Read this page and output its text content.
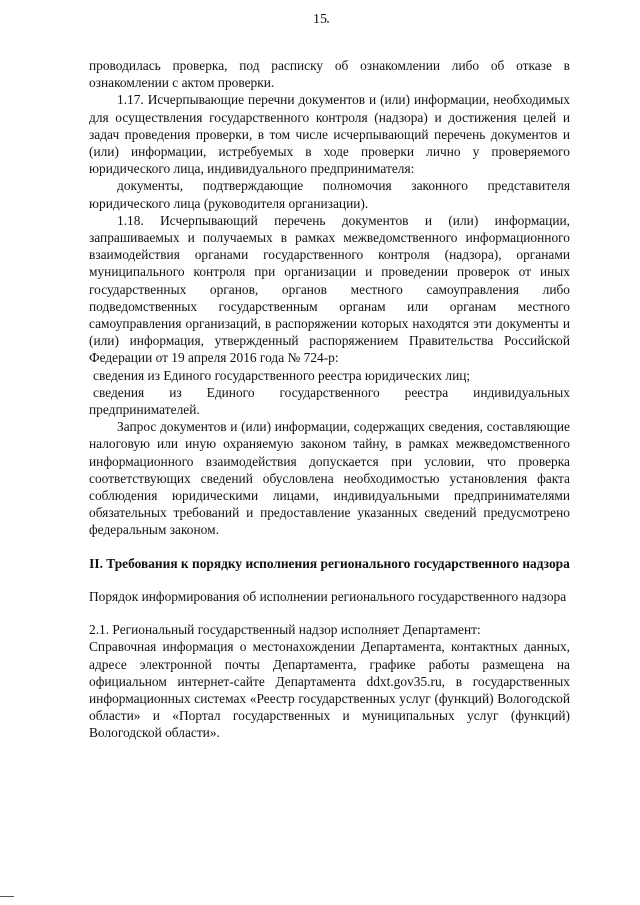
15

проводилась проверка, под расписку об ознакомлении либо об отказе в ознакомлении с актом проверки.

1.17. Исчерпывающие перечни документов и (или) информации, необходимых для осуществления государственного контроля (надзора) и достижения целей и задач проведения проверки, в том числе исчерпывающий перечень документов и (или) информации, истребуемых в ходе проверки лично у проверяемого юридического лица, индивидуального предпринимателя:

документы, подтверждающие полномочия законного представителя юридического лица (руководителя организации).

1.18. Исчерпывающий перечень документов и (или) информации, запрашиваемых и получаемых в рамках межведомственного информационного взаимодействия органами государственного контроля (надзора), органами муниципального контроля при организации и проведении проверок от иных государственных органов, органов местного самоуправления либо подведомственных государственным органам или органам местного самоуправления организаций, в распоряжении которых находятся эти документы и (или) информация, утвержденный распоряжением Правительства Российской Федерации от 19 апреля 2016 года № 724-р:

сведения из Единого государственного реестра юридических лиц;

сведения из Единого государственного реестра индивидуальных предпринимателей.

Запрос документов и (или) информации, содержащих сведения, составляющие налоговую или иную охраняемую законом тайну, в рамках межведомственного информационного взаимодействия допускается при условии, что проверка соответствующих сведений обусловлена необходимостью установления факта соблюдения юридическими лицами, индивидуальными предпринимателями обязательных требований и предоставление указанных сведений предусмотрено федеральным законом.

II. Требования к порядку исполнения регионального государственного надзора

Порядок информирования об исполнении регионального государственного надзора

2.1. Региональный государственный надзор исполняет Департамент:

Справочная информация о местонахождении Департамента, контактных данных, адресе электронной почты Департамента, графике работы размещена на официальном интернет-сайте Департамента ddxt.gov35.ru, в государственных информационных системах «Реестр государственных услуг (функций) Вологодской области» и «Портал государственных и муниципальных услуг (функций) Вологодской области».
